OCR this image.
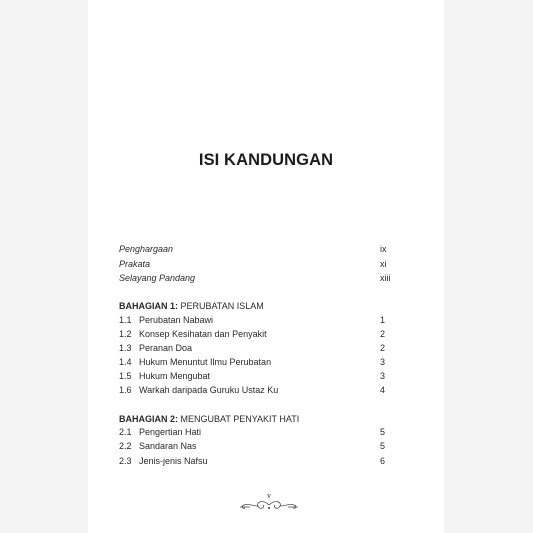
ISI KANDUNGAN
Penghargaan	ix
Prakata	xi
Selayang Pandang	xiii
BAHAGIAN 1: PERUBATAN ISLAM
1.1 Perubatan Nabawi	1
1.2 Konsep Kesihatan dan Penyakit	2
1.3 Peranan Doa	2
1.4 Hukum Menuntut Ilmu Perubatan	3
1.5 Hukum Mengubat	3
1.6 Warkah daripada Guruku Ustaz Ku	4
BAHAGIAN 2: MENGUBAT PENYAKIT HATI
2.1 Pengertian Hati	5
2.2 Sandaran Nas	5
2.3 Jenis-jenis Nafsu	6
v
